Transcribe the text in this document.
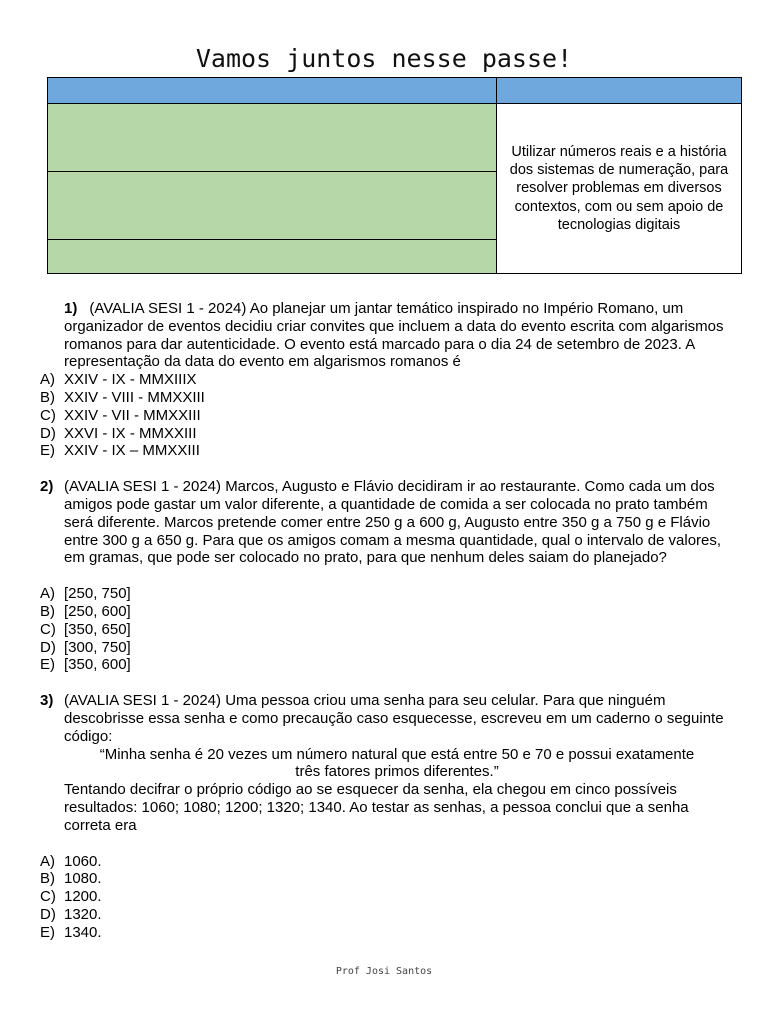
Vamos juntos nesse passe!
Utilizar números reais e a história dos sistemas de numeração, para resolver problemas em diversos contextos, com ou sem apoio de tecnologias digitais
1) (AVALIA SESI 1 - 2024) Ao planejar um jantar temático inspirado no Império Romano, um organizador de eventos decidiu criar convites que incluem a data do evento escrita com algarismos romanos para dar autenticidade. O evento está marcado para o dia 24 de setembro de 2023. A representação da data do evento em algarismos romanos é
A) XXIV - IX - MMXIIIX
B) XXIV - VIII - MMXXIII
C) XXIV - VII - MMXXIII
D) XXVI - IX - MMXXIII
E) XXIV - IX – MMXXIII
2) (AVALIA SESI 1 - 2024) Marcos, Augusto e Flávio decidiram ir ao restaurante. Como cada um dos amigos pode gastar um valor diferente, a quantidade de comida a ser colocada no prato também será diferente. Marcos pretende comer entre 250 g a 600 g, Augusto entre 350 g a 750 g e Flávio entre 300 g a 650 g. Para que os amigos comam a mesma quantidade, qual o intervalo de valores, em gramas, que pode ser colocado no prato, para que nenhum deles saiam do planejado?
A) [250, 750]
B) [250, 600]
C) [350, 650]
D) [300, 750]
E) [350, 600]
3) (AVALIA SESI 1 - 2024) Uma pessoa criou uma senha para seu celular. Para que ninguém descobrisse essa senha e como precaução caso esquecesse, escreveu em um caderno o seguinte código:
“Minha senha é 20 vezes um número natural que está entre 50 e 70 e possui exatamente três fatores primos diferentes.”
Tentando decifrar o próprio código ao se esquecer da senha, ela chegou em cinco possíveis resultados: 1060; 1080; 1200; 1320; 1340. Ao testar as senhas, a pessoa conclui que a senha correta era
A) 1060.
B) 1080.
C) 1200.
D) 1320.
E) 1340.
Prof Josi Santos
